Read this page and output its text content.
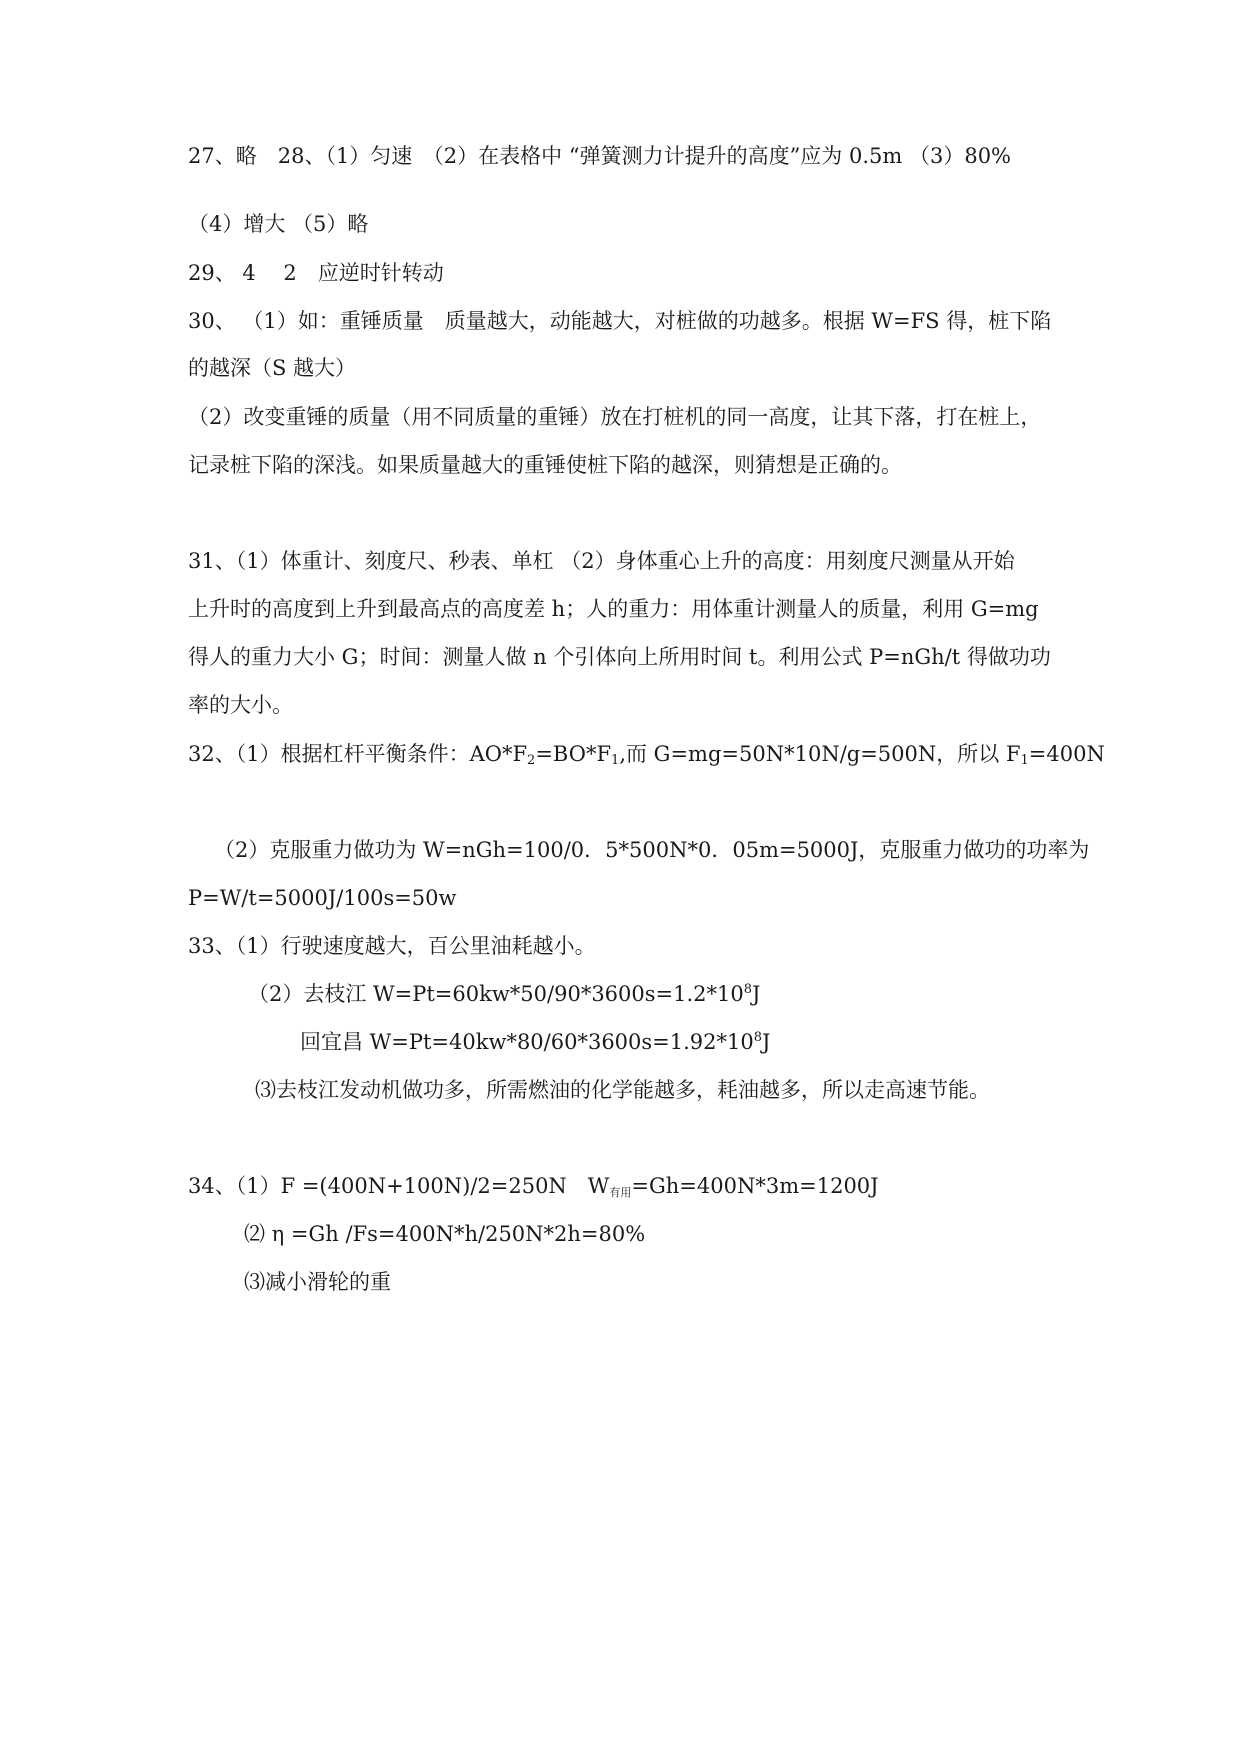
27、略　28、（1）匀速　（2）在表格中 “弹簧测力计提升的高度”应为 0.5m （3）80%
（4）增大 （5）略
29、 4　 2　应逆时针转动
30、 （1）如：重锤质量　质量越大，动能越大，对桩做的功越多。根据 W=FS 得，桩下陷
的越深（S 越大）
（2）改变重锤的质量（用不同质量的重锤）放在打桩机的同一高度，让其下落，打在桩上，
记录桩下陷的深浅。如果质量越大的重锤使桩下陷的越深，则猜想是正确的。
31、（1）体重计、刻度尺、秒表、单杠 （2）身体重心上升的高度：用刻度尺测量从开始
上升时的高度到上升到最高点的高度差 h；人的重力：用体重计测量人的质量，利用 G=mg
得人的重力大小 G；时间：测量人做 n 个引体向上所用时间 t。利用公式 P=nGh/t 得做功功
率的大小。
32、（1）根据杠杆平衡条件：$AO*F_2=BO*F_1$,而 G=mg=50N*10N/g=500N，所以 $F_1=400N$
（2）克服重力做功为 W=nGh=100/0．5*500N*0．05m=5000J，克服重力做功的功率为
P=W/t=5000J/100s=50w
33、（1）行驶速度越大，百公里油耗越小。
（2）去枝江 $W=Pt=60kw*50/90*3600s=1.2*10^8J$
回宜昌 $W=Pt=40kw*80/60*3600s=1.92*10^8J$
⑶去枝江发动机做功多，所需燃油的化学能越多，耗油越多，所以走高速节能。
34、（1）F =(400N+100N)/2=250N　$W_{有用}=Gh=400N*3m=1200J$
⑵ η =Gh /Fs=400N*h/250N*2h=80%
⑶减小滑轮的重
